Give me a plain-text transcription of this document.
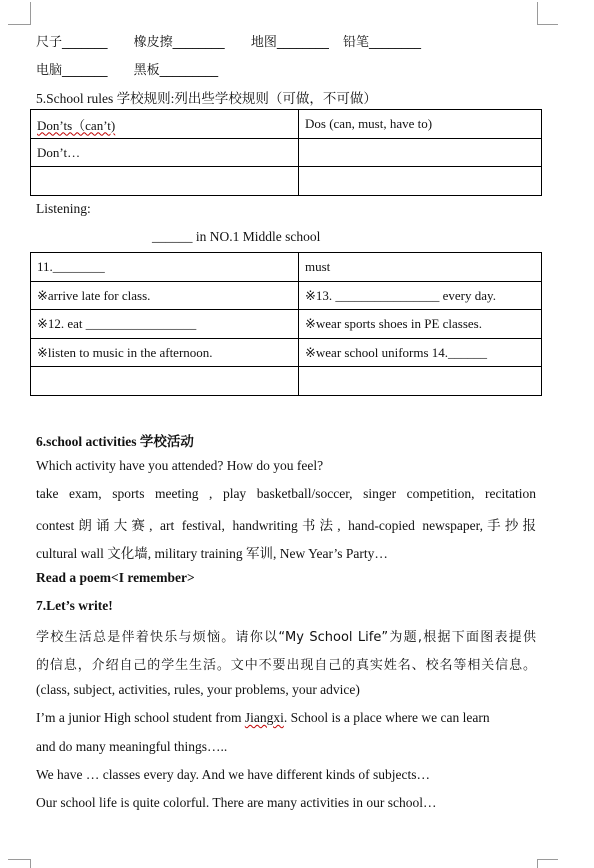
尺子_______ 橡皮擦________ 地图________ 铅笔________
电脑_______ 黑板_________
5.School rules 学校规则:列出些学校规则（可做，不可做）
Don’ts（can’t)	Dos (can, must, have to)
Don’t…	

Listening:
______ in NO.1 Middle school
11.________	must
※arrive late for class.	※13. ________________ every day.
※12. eat _________________	※wear sports shoes in PE classes.
※listen to music in the afternoon.	※wear school uniforms 14.______

6.school activities 学校活动
Which activity have you attended? How do you feel?
take exam, sports meeting , play basketball/soccer, singer competition, recitation
contest朗诵大赛, art festival, handwriting书法, hand-copied newspaper,手抄报
cultural wall 文化墙, military training 军训, New Year’s Party…
Read a poem<I remember>
7.Let’s write!
学校生活总是伴着快乐与烦恼。请你以“My School Life”为题,根据下面图表提供
的信息，介绍自己的学生生活。文中不要出现自己的真实姓名、校名等相关信息。
(class, subject, activities, rules, your problems, your advice)
I’m a junior High school student from Jiangxi. School is a place where we can learn
and do many meaningful things…..
We have … classes every day. And we have different kinds of subjects…
Our school life is quite colorful. There are many activities in our school…
